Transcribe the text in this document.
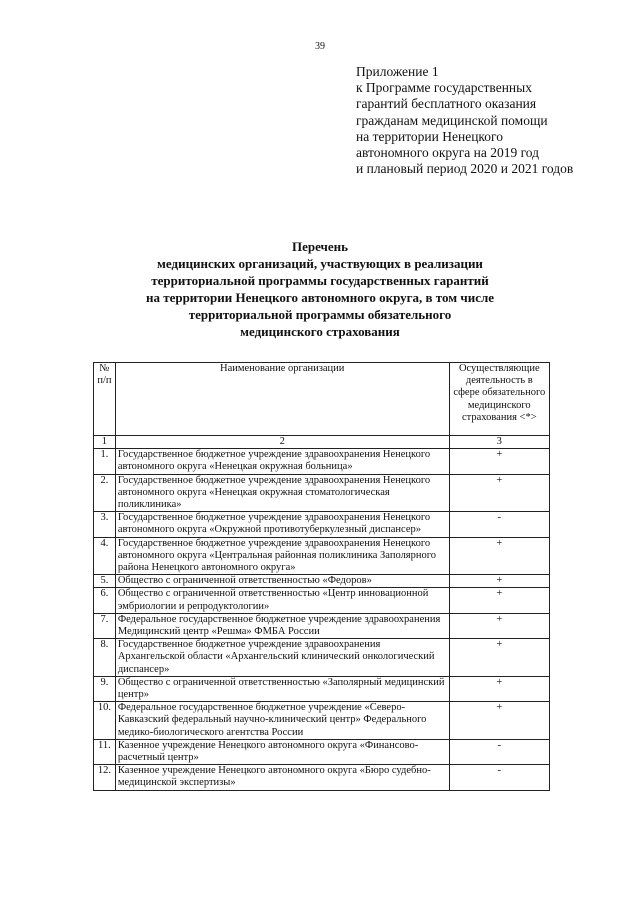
39
Приложение 1
к Программе государственных
гарантий бесплатного оказания
гражданам медицинской помощи
на территории Ненецкого
автономного округа на 2019 год
и плановый период 2020 и 2021 годов
Перечень
медицинских организаций, участвующих в реализации
территориальной программы государственных гарантий
на территории Ненецкого автономного округа, в том числе
территориальной программы обязательного
медицинского страхования
№ п/п	Наименование организации	Осуществляющие деятельность в сфере обязательного медицинского страхования <*>
1	2	3
1.	Государственное бюджетное учреждение здравоохранения Ненецкого автономного округа «Ненецкая окружная больница»	+
2.	Государственное бюджетное учреждение здравоохранения Ненецкого автономного округа «Ненецкая окружная стоматологическая поликлиника»	+
3.	Государственное бюджетное учреждение здравоохранения Ненецкого автономного округа «Окружной противотуберкулезный диспансер»	-
4.	Государственное бюджетное учреждение здравоохранения Ненецкого автономного округа «Центральная районная поликлиника Заполярного района Ненецкого автономного округа»	+
5.	Общество с ограниченной ответственностью «Федоров»	+
6.	Общество с ограниченной ответственностью «Центр инновационной эмбриологии и репродуктологии»	+
7.	Федеральное государственное бюджетное учреждение здравоохранения Медицинский центр «Решма» ФМБА России	+
8.	Государственное бюджетное учреждение здравоохранения Архангельской области «Архангельский клинический онкологический диспансер»	+
9.	Общество с ограниченной ответственностью «Заполярный медицинский центр»	+
10.	Федеральное государственное бюджетное учреждение «Северо-Кавказский федеральный научно-клинический центр» Федерального медико-биологического агентства России	+
11.	Казенное учреждение Ненецкого автономного округа «Финансово-расчетный центр»	-
12.	Казенное учреждение Ненецкого автономного округа «Бюро судебно-медицинской экспертизы»	-
